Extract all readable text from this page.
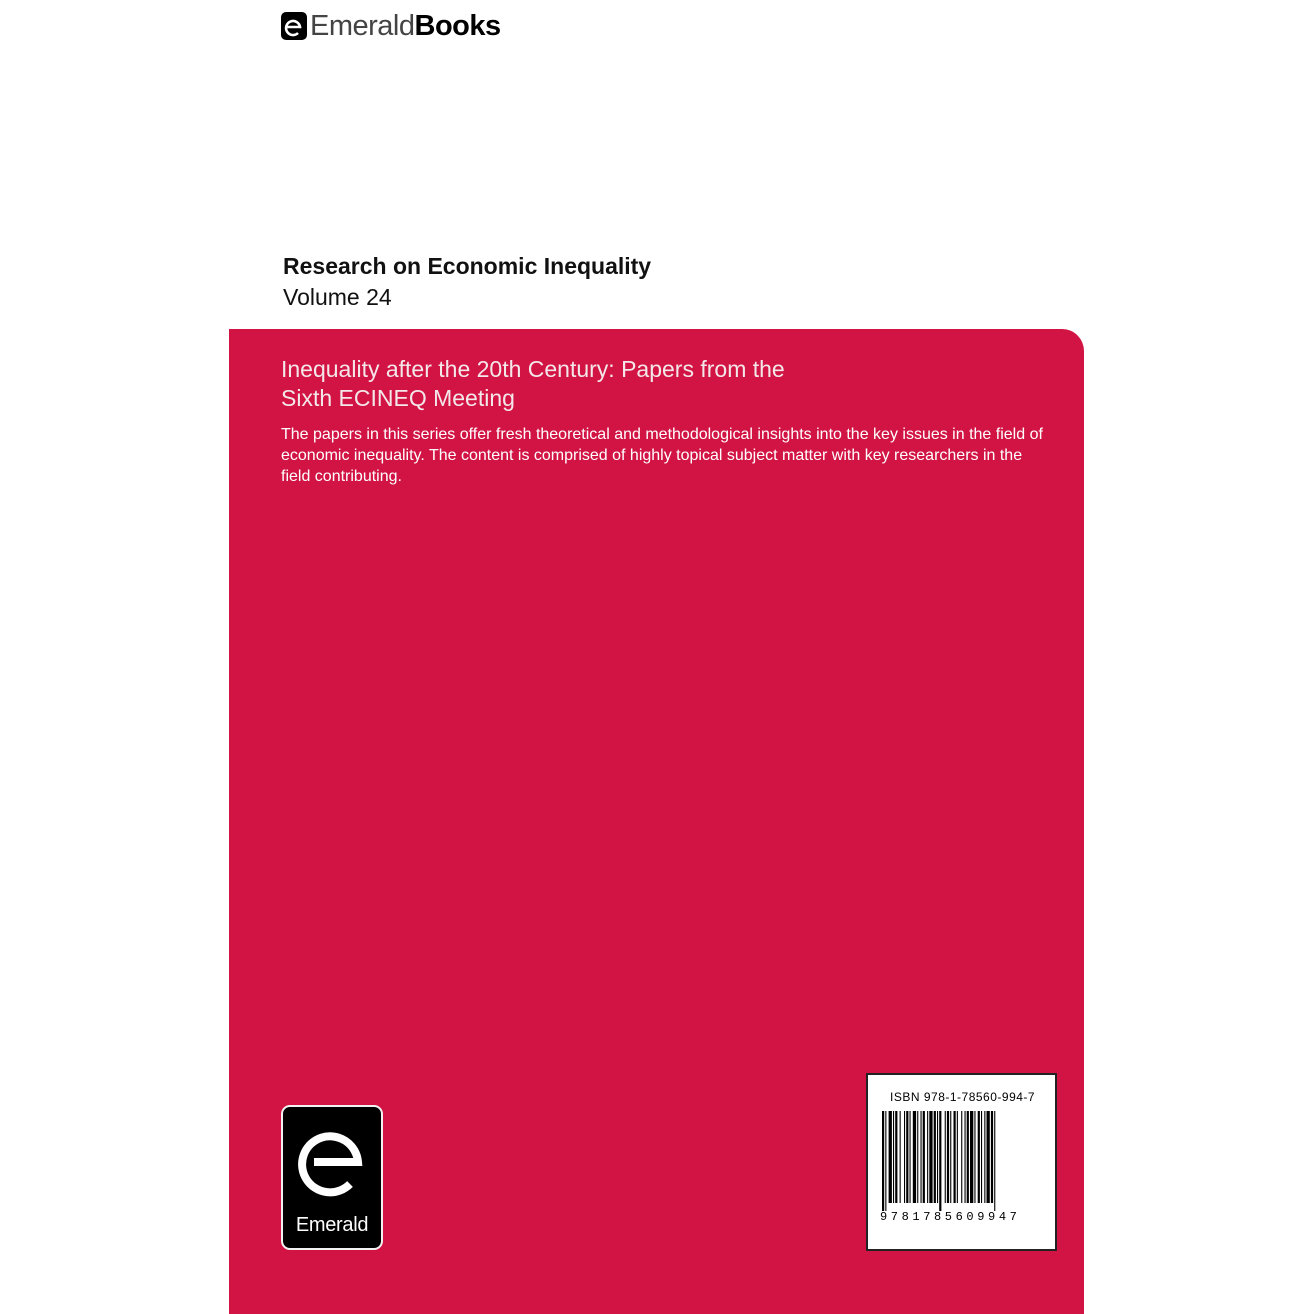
Emerald Books
Research on Economic Inequality
Volume 24
Inequality after the 20th Century: Papers from the
Sixth ECINEQ Meeting
The papers in this series offer fresh theoretical and methodological insights into the key issues in the field of economic inequality. The content is comprised of highly topical subject matter with key researchers in the field contributing.
Emerald
ISBN 978-1-78560-994-7
9781785609947
